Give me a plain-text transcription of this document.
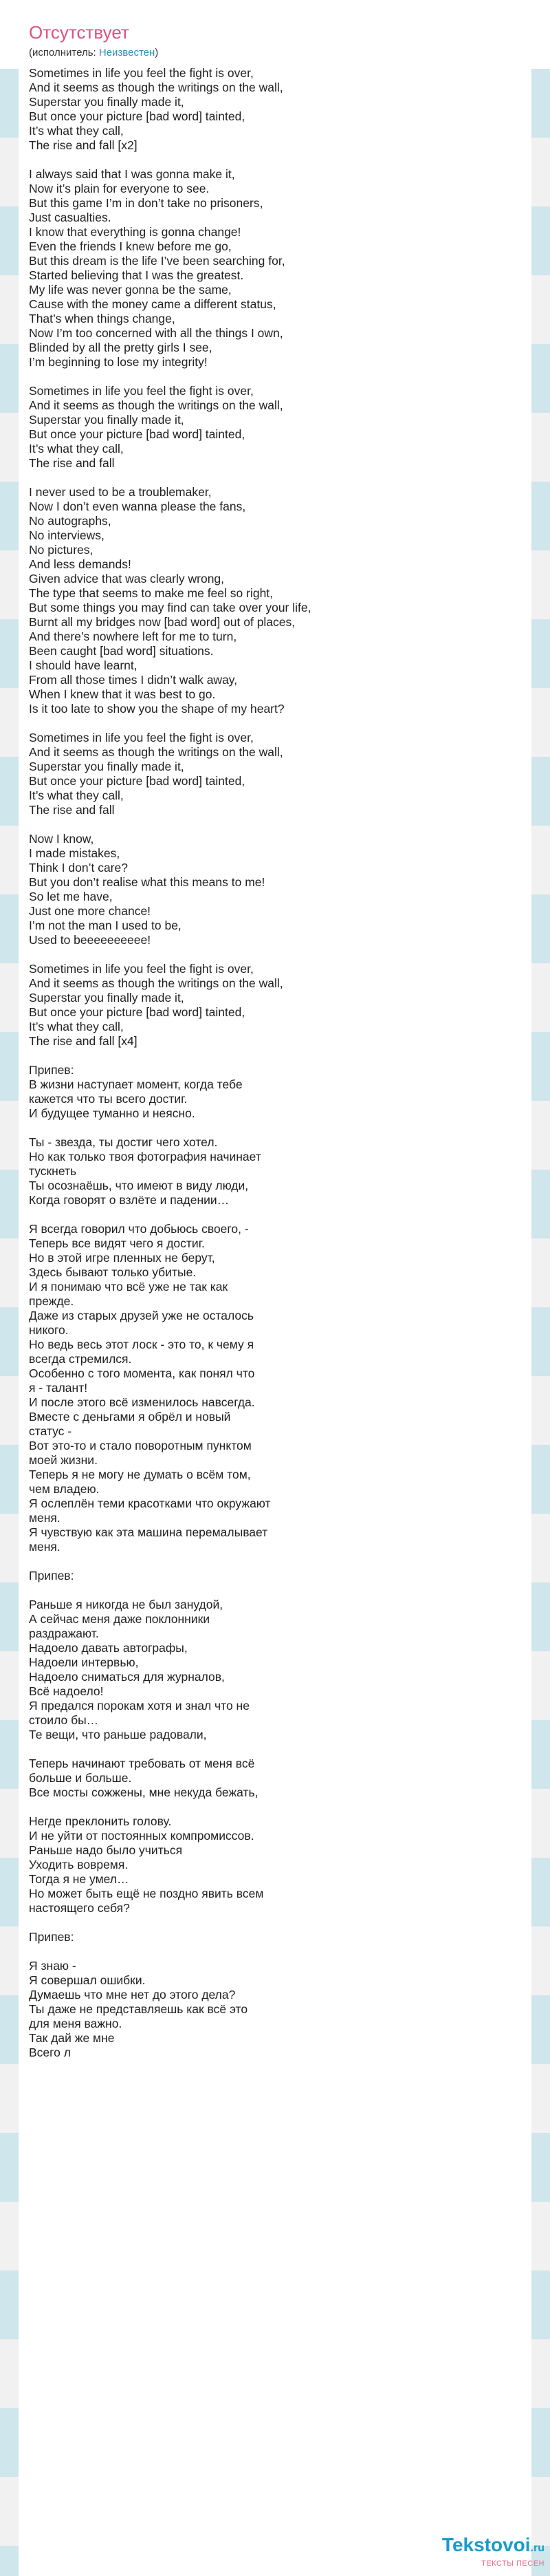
Отсутствует
(исполнитель: Неизвестен)
Sometimes in life you feel the fight is over,
And it seems as though the writings on the wall,
Superstar you finally made it,
But once your picture [bad word] tainted,
It’s what they call,
The rise and fall [x2]

I always said that I was gonna make it,
Now it’s plain for everyone to see.
But this game I’m in don’t take no prisoners,
Just casualties.
I know that everything is gonna change!
Even the friends I knew before me go,
But this dream is the life I’ve been searching for,
Started believing that I was the greatest.
My life was never gonna be the same,
Cause with the money came a different status,
That’s when things change,
Now I’m too concerned with all the things I own,
Blinded by all the pretty girls I see,
I’m beginning to lose my integrity!

Sometimes in life you feel the fight is over,
And it seems as though the writings on the wall,
Superstar you finally made it,
But once your picture [bad word] tainted,
It’s what they call,
The rise and fall

I never used to be a troublemaker,
Now I don’t even wanna please the fans,
No autographs,
No interviews,
No pictures,
And less demands!
Given advice that was clearly wrong,
The type that seems to make me feel so right,
But some things you may find can take over your life,
Burnt all my bridges now [bad word] out of places,
And there’s nowhere left for me to turn,
Been caught [bad word] situations.
I should have learnt,
From all those times I didn’t walk away,
When I knew that it was best to go.
Is it too late to show you the shape of my heart?

Sometimes in life you feel the fight is over,
And it seems as though the writings on the wall,
Superstar you finally made it,
But once your picture [bad word] tainted,
It’s what they call,
The rise and fall

Now I know,
I made mistakes,
Think I don’t care?
But you don’t realise what this means to me!
So let me have,
Just one more chance!
I’m not the man I used to be,
Used to beeeeeeeeee!

Sometimes in life you feel the fight is over,
And it seems as though the writings on the wall,
Superstar you finally made it,
But once your picture [bad word] tainted,
It’s what they call,
The rise and fall [x4]

Припев:
В жизни наступает момент, когда тебе
кажется что ты всего достиг.
И будущее туманно и неясно.

Ты - звезда, ты достиг чего хотел.
Но как только твоя фотография начинает
тускнеть
Ты осознаёшь, что имеют в виду люди,
Когда говорят о взлёте и падении…

Я всегда говорил что добьюсь своего, -
Теперь все видят чего я достиг.
Но в этой игре пленных не берут,
Здесь бывают только убитые.
И я понимаю что всё уже не так как
прежде.
Даже из старых друзей уже не осталось
никого.
Но ведь весь этот лоск - это то, к чему я
всегда стремился.
Особенно с того момента, как понял что
я - талант!
И после этого всё изменилось навсегда.
Вместе с деньгами я обрёл и новый
статус -
Вот это-то и стало поворотным пунктом
моей жизни.
Теперь я не могу не думать о всём том,
чем владею.
Я ослеплён теми красотками что окружают
меня.
Я чувствую как эта машина перемалывает
меня.

Припев:

Раньше я никогда не был занудой,
А сейчас меня даже поклонники
раздражают.
Надоело давать автографы,
Надоели интервью,
Надоело сниматься для журналов,
Всё надоело!
Я предался порокам хотя и знал что не
стоило бы…
Те вещи, что раньше радовали,

Теперь начинают требовать от меня всё
больше и больше.
Все мосты сожжены, мне некуда бежать,

Негде преклонить голову.
И не уйти от постоянных компромиссов.
Раньше надо было учиться
Уходить вовремя.
Тогда я не умел…
Но может быть ещё не поздно явить всем
настоящего себя?

Припев:

Я знаю -
Я совершал ошибки.
Думаешь что мне нет до этого дела?
Ты даже не представляешь как всё это
для меня важно.
Так дай же мне
Всего л
Tekstovoi.ru
ТЕКСТЫ ПЕСЕН
